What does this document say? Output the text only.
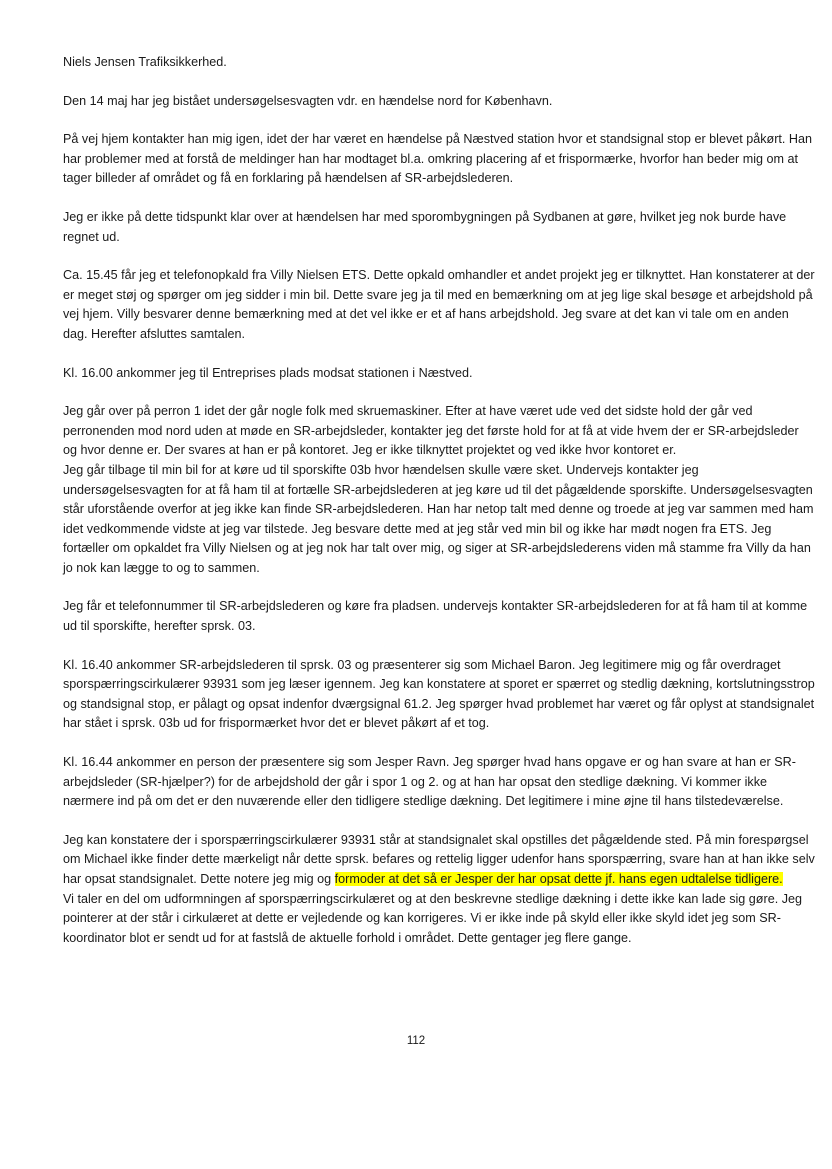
Niels Jensen Trafiksikkerhed.

Den 14 maj har jeg bistået undersøgelsesvagten vdr. en hændelse nord for København.

På vej hjem kontakter han mig igen, idet der har været en hændelse på Næstved station hvor et standsignal stop er blevet påkørt. Han har problemer med at forstå de meldinger han har modtaget bl.a. omkring placering af et frispormærke, hvorfor han beder mig om at tager billeder af området og få en forklaring på hændelsen af SR-arbejdslederen.

Jeg er ikke på dette tidspunkt klar over at hændelsen har med sporombygningen på Sydbanen at gøre, hvilket jeg nok burde have regnet ud.

Ca. 15.45 får jeg et telefonopkald fra Villy Nielsen ETS. Dette opkald omhandler et andet projekt jeg er tilknyttet. Han konstaterer at der er meget støj og spørger om jeg sidder i min bil. Dette svare jeg ja til med en bemærkning om at jeg lige skal besøge et arbejdshold på vej hjem. Villy besvarer denne bemærkning med at det vel ikke er et af hans arbejdshold. Jeg svare at det kan vi tale om en anden dag. Herefter afsluttes samtalen.

Kl. 16.00 ankommer jeg til Entreprises plads modsat stationen i Næstved.

Jeg går over på perron 1 idet der går nogle folk med skruemaskiner. Efter at have været ude ved det sidste hold der går ved perronenden mod nord uden at møde en SR-arbejdsleder, kontakter jeg det første hold for at få at vide hvem der er SR-arbejdsleder og hvor denne er. Der svares at han er på kontoret. Jeg er ikke tilknyttet projektet og ved ikke hvor kontoret er.

Jeg går tilbage til min bil for at køre ud til sporskifte 03b hvor hændelsen skulle være sket. Undervejs kontakter jeg undersøgelsesvagten for at få ham til at fortælle SR-arbejdslederen at jeg køre ud til det pågældende sporskifte. Undersøgelsesvagten står uforstående overfor at jeg ikke kan finde SR-arbejdslederen. Han har netop talt med denne og troede at jeg var sammen med ham idet vedkommende vidste at jeg var tilstede. Jeg besvare dette med at jeg står ved min bil og ikke har mødt nogen fra ETS. Jeg fortæller om opkaldet fra Villy Nielsen og at jeg nok har talt over mig, og siger at SR-arbejdslederens viden må stamme fra Villy da han jo nok kan lægge to og to sammen.

Jeg får et telefonnummer til SR-arbejdslederen og køre fra pladsen. undervejs kontakter SR-arbejdslederen for at få ham til at komme ud til sporskifte, herefter sprsk. 03.

Kl. 16.40 ankommer SR-arbejdslederen til sprsk. 03 og præsenterer sig som Michael Baron. Jeg legitimere mig og får overdraget sporspærringscirkulærer 93931 som jeg læser igennem. Jeg kan konstatere at sporet er spærret og stedlig dækning, kortslutningsstrop og standsignal stop, er pålagt og opsat indenfor dværgsignal 61.2. Jeg spørger hvad problemet har været og får oplyst at standsignalet har stået i sprsk. 03b ud for frispormærket hvor det er blevet påkørt af et tog.

Kl. 16.44 ankommer en person der præsentere sig som Jesper Ravn. Jeg spørger hvad hans opgave er og han svare at han er SR-arbejdsleder (SR-hjælper?) for de arbejdshold der går i spor 1 og 2. og at han har opsat den stedlige dækning. Vi kommer ikke nærmere ind på om det er den nuværende eller den tidligere stedlige dækning. Det legitimere i mine øjne til hans tilstedeværelse.

Jeg kan konstatere der i sporspærringscirkulærer 93931 står at standsignalet skal opstilles det pågældende sted. På min forespørgsel om Michael ikke finder dette mærkeligt når dette sprsk. befares og rettelig ligger udenfor hans sporspærring, svare han at han ikke selv har opsat standsignalet. Dette notere jeg mig og formoder at det så er Jesper der har opsat dette jf. hans egen udtalelse tidligere.

Vi taler en del om udformningen af sporspærringscirkulæret og at den beskrevne stedlige dækning i dette ikke kan lade sig gøre. Jeg pointerer at der står i cirkulæret at dette er vejledende og kan korrigeres. Vi er ikke inde på skyld eller ikke skyld idet jeg som SR-koordinator blot er sendt ud for at fastslå de aktuelle forhold i området. Dette gentager jeg flere gange.

112
